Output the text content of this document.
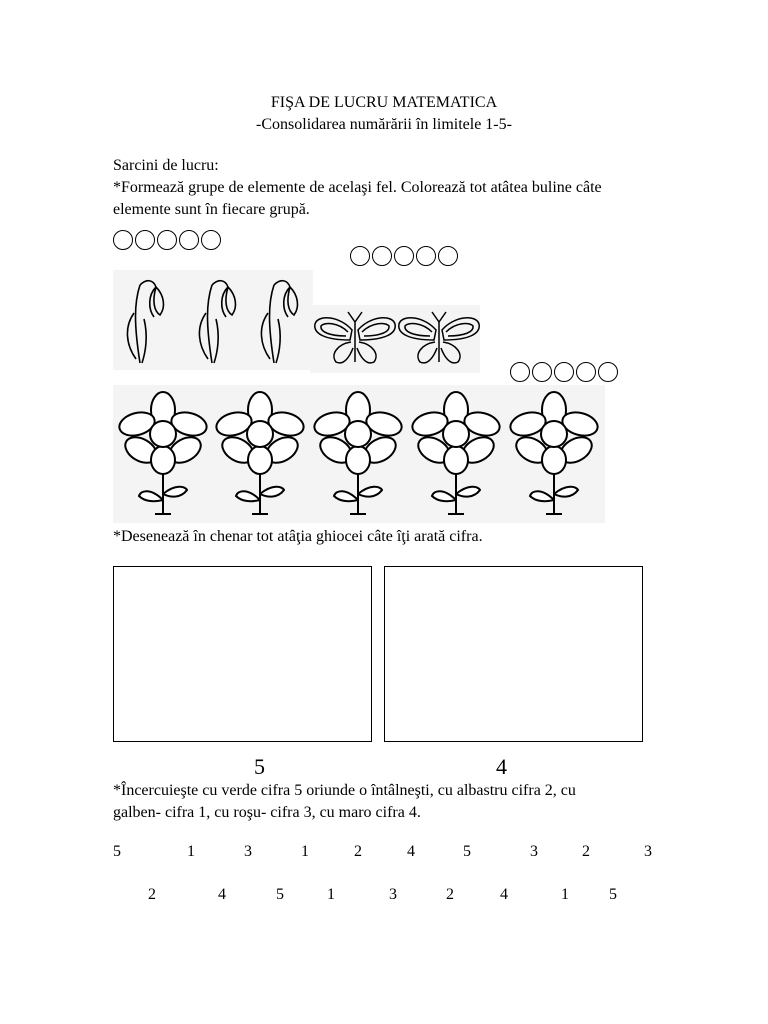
FIŞA DE LUCRU MATEMATICA
-Consolidarea numărării în limitele 1-5-
Sarcini de lucru:
*Formează grupe de elemente de acelaşi fel. Colorează tot atâtea buline câte
elemente sunt în fiecare grupă.
*Desenează în chenar tot atâţia ghiocei câte îţi arată cifra.
5	4
*Încercuieşte cu verde cifra 5 oriunde o întâlneşti, cu albastru cifra 2, cu
galben- cifra 1, cu roşu- cifra 3, cu maro cifra 4.
5	1	3	1	2	4	5	3	2	3
2	4	5	1	3	2	4	1	5
